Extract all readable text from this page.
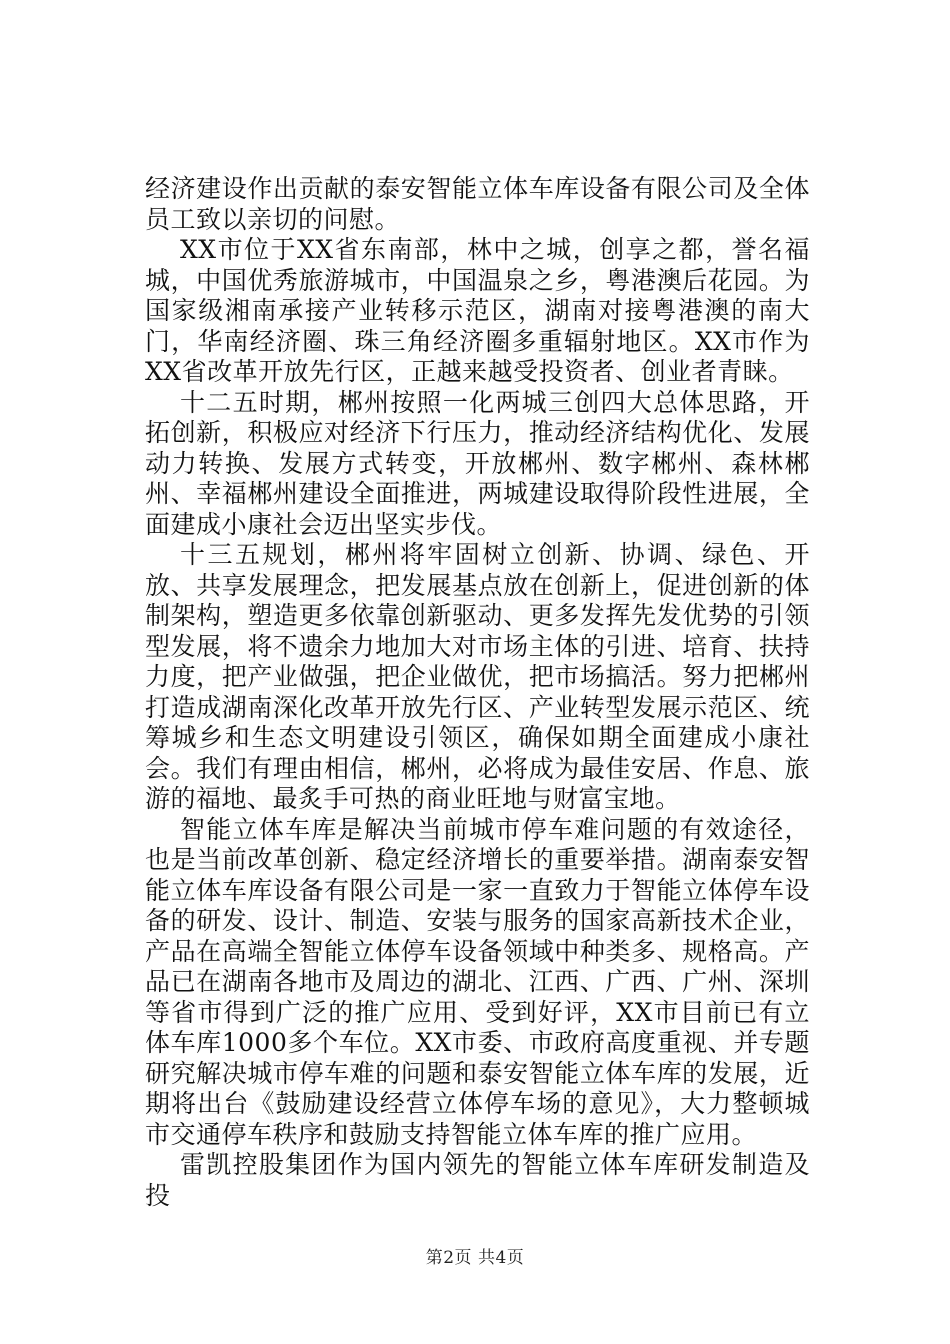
经济建设作出贡献的泰安智能立体车库设备有限公司及全体员工致以亲切的问慰。

XX市位于XX省东南部，林中之城，创享之都，誉名福城，中国优秀旅游城市，中国温泉之乡，粤港澳后花园。为国家级湘南承接产业转移示范区，湖南对接粤港澳的南大门，华南经济圈、珠三角经济圈多重辐射地区。XX市作为XX省改革开放先行区，正越来越受投资者、创业者青睐。

十二五时期，郴州按照一化两城三创四大总体思路，开拓创新，积极应对经济下行压力，推动经济结构优化、发展动力转换、发展方式转变，开放郴州、数字郴州、森林郴州、幸福郴州建设全面推进，两城建设取得阶段性进展，全面建成小康社会迈出坚实步伐。

十三五规划，郴州将牢固树立创新、协调、绿色、开放、共享发展理念，把发展基点放在创新上，促进创新的体制架构，塑造更多依靠创新驱动、更多发挥先发优势的引领型发展，将不遗余力地加大对市场主体的引进、培育、扶持力度，把产业做强，把企业做优，把市场搞活。努力把郴州打造成湖南深化改革开放先行区、产业转型发展示范区、统筹城乡和生态文明建设引领区，确保如期全面建成小康社会。我们有理由相信，郴州，必将成为最佳安居、作息、旅游的福地、最炙手可热的商业旺地与财富宝地。

智能立体车库是解决当前城市停车难问题的有效途径，也是当前改革创新、稳定经济增长的重要举措。湖南泰安智能立体车库设备有限公司是一家一直致力于智能立体停车设备的研发、设计、制造、安装与服务的国家高新技术企业，产品在高端全智能立体停车设备领域中种类多、规格高。产品已在湖南各地市及周边的湖北、江西、广西、广州、深圳等省市得到广泛的推广应用、受到好评，XX市目前已有立体车库1000多个车位。XX市委、市政府高度重视、并专题研究解决城市停车难的问题和泰安智能立体车库的发展，近期将出台《鼓励建设经营立体停车场的意见》，大力整顿城市交通停车秩序和鼓励支持智能立体车库的推广应用。

雷凯控股集团作为国内领先的智能立体车库研发制造及投

第2页 共4页
